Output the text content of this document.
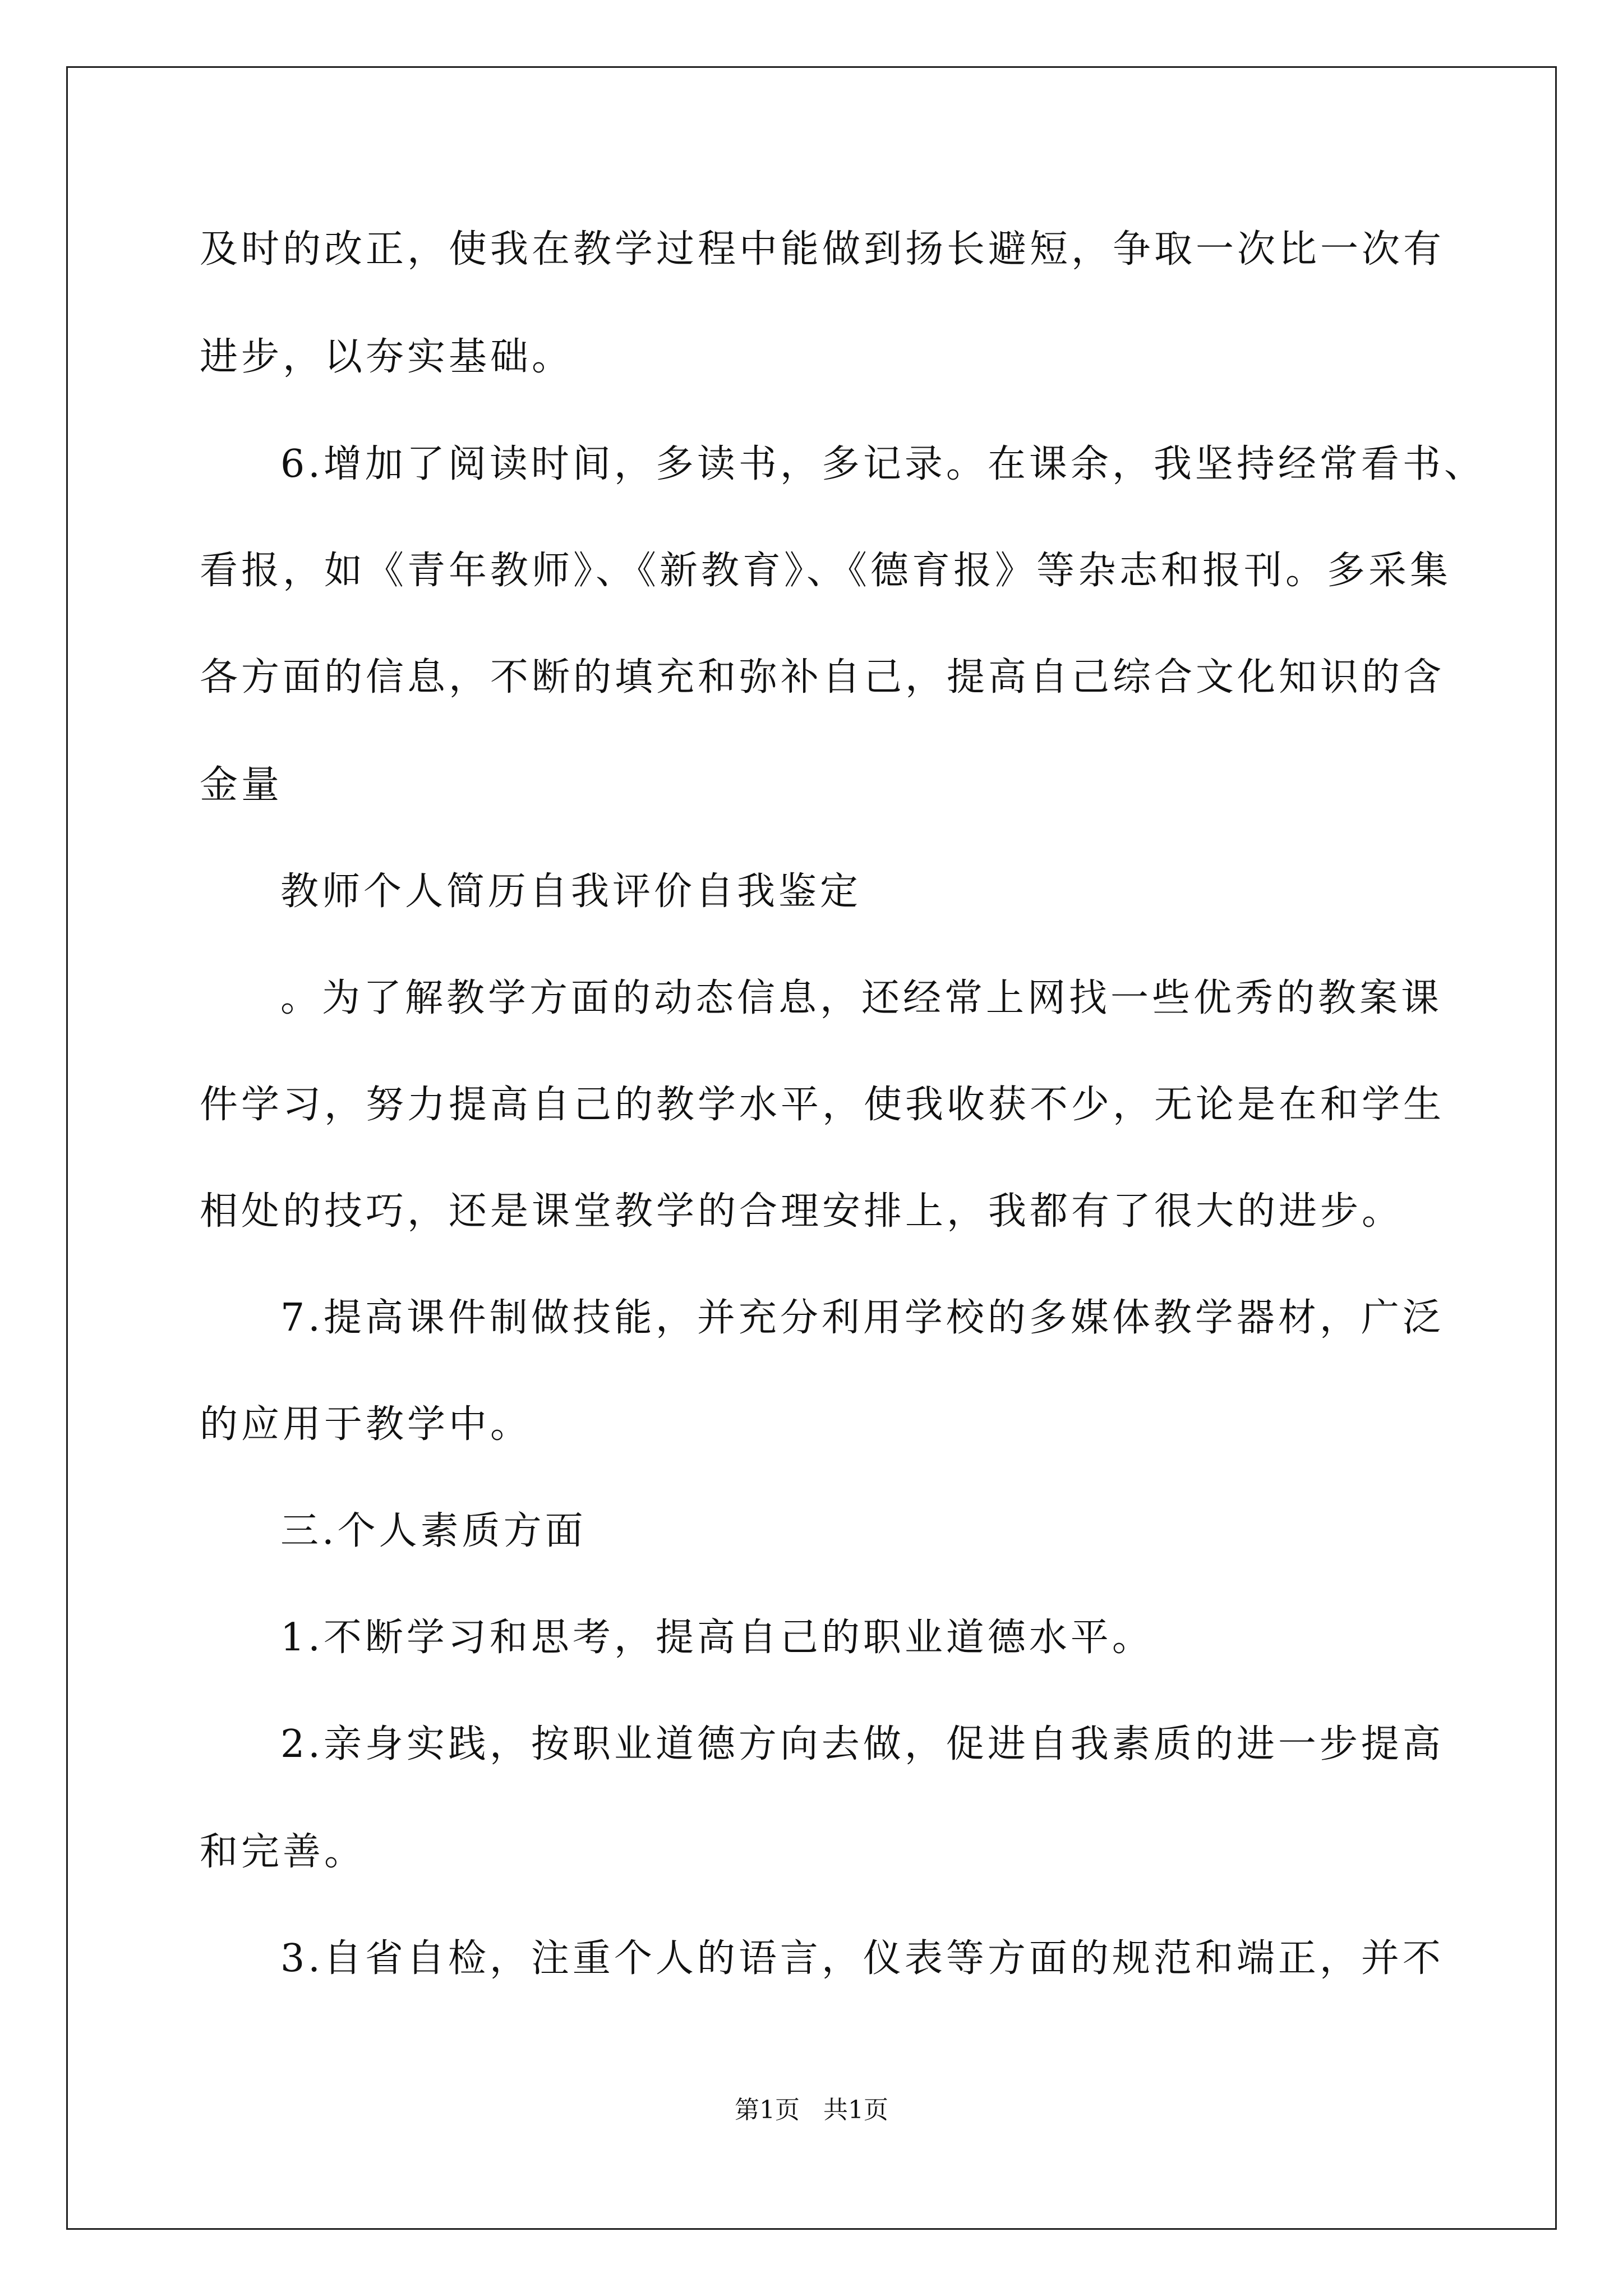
及时的改正，使我在教学过程中能做到扬长避短，争取一次比一次有
进步，以夯实基础。
6.增加了阅读时间，多读书，多记录。在课余，我坚持经常看书、
看报，如《青年教师》、《新教育》、《德育报》等杂志和报刊。多采集
各方面的信息，不断的填充和弥补自己，提高自己综合文化知识的含
金量
教师个人简历自我评价自我鉴定
。为了解教学方面的动态信息，还经常上网找一些优秀的教案课
件学习，努力提高自己的教学水平，使我收获不少，无论是在和学生
相处的技巧，还是课堂教学的合理安排上，我都有了很大的进步。
7.提高课件制做技能，并充分利用学校的多媒体教学器材，广泛
的应用于教学中。
三.个人素质方面
1.不断学习和思考，提高自己的职业道德水平。
2.亲身实践，按职业道德方向去做，促进自我素质的进一步提高
和完善。
3.自省自检，注重个人的语言，仪表等方面的规范和端正，并不
第1页   共1页
